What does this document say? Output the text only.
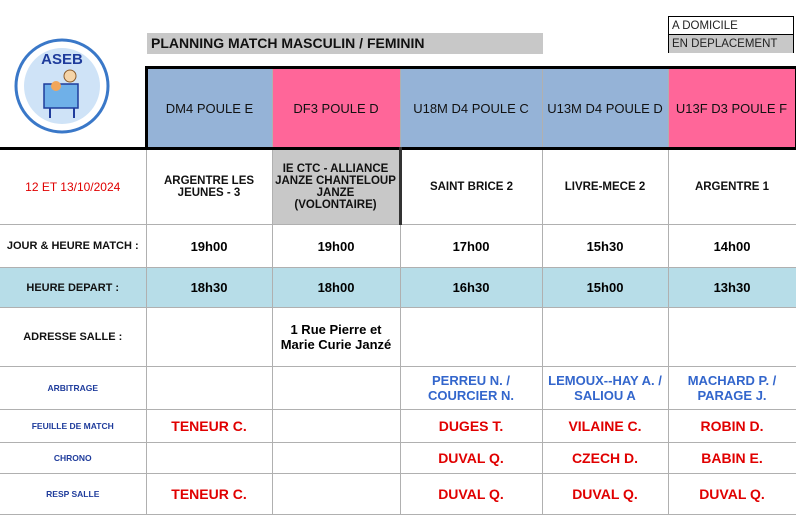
ASEB
PLANNING MATCH MASCULIN / FEMININ
A DOMICILE
EN DEPLACEMENT
	DM4 POULE E	DF3 POULE D	U18M D4 POULE C	U13M D4 POULE D	U13F D3 POULE F
12 ET 13/10/2024	ARGENTRE LES JEUNES - 3	IE CTC - ALLIANCE JANZE CHANTELOUP JANZE (VOLONTAIRE)	SAINT BRICE 2	LIVRE-MECE 2	ARGENTRE 1
JOUR & HEURE MATCH :	19h00	19h00	17h00	15h30	14h00
HEURE DEPART :	18h30	18h00	16h30	15h00	13h30
ADRESSE SALLE :		1 Rue Pierre et Marie Curie Janzé			
ARBITRAGE			PERREU N. / COURCIER N.	LEMOUX--HAY A. / SALIOU A	MACHARD P. / PARAGE J.
FEUILLE DE MATCH	TENEUR C.		DUGES T.	VILAINE C.	ROBIN D.
CHRONO			DUVAL Q.	CZECH D.	BABIN E.
RESP SALLE	TENEUR C.		DUVAL Q.	DUVAL Q.	DUVAL Q.
